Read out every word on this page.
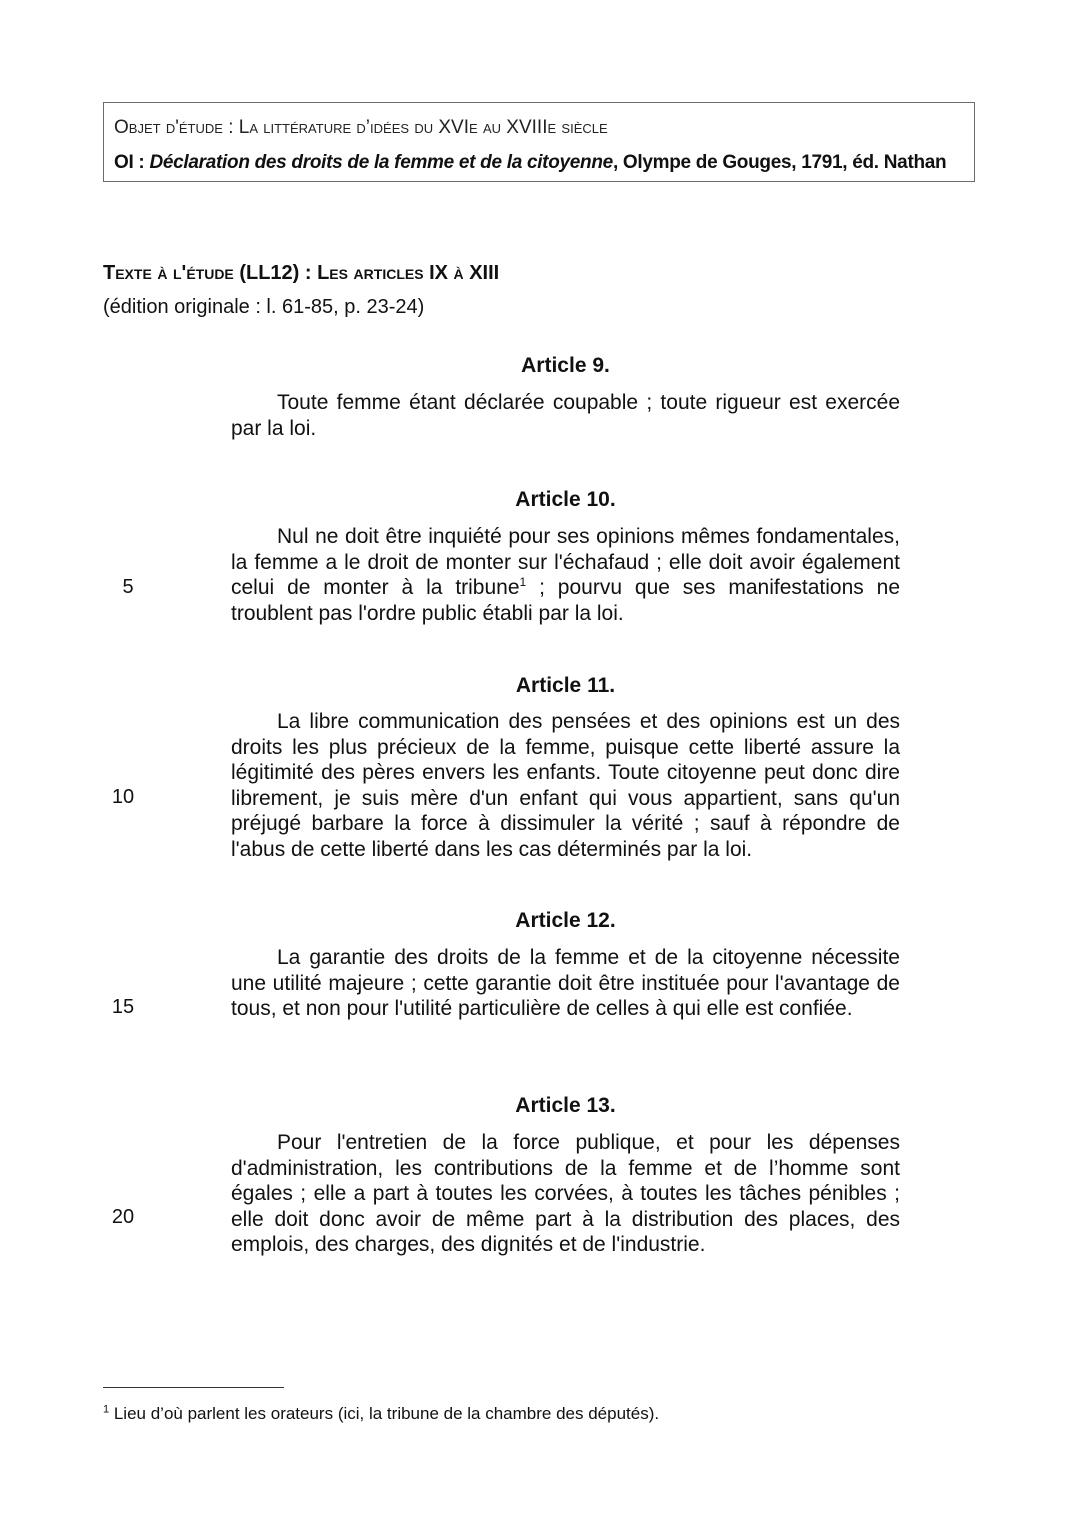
Objet d'étude : La littérature d’idées du XVIe au XVIIIe siècle
OI : Déclaration des droits de la femme et de la citoyenne, Olympe de Gouges, 1791, éd. Nathan
Texte à l'étude (LL12) : Les articles IX à XIII
(édition originale : l. 61-85, p. 23-24)
Article 9.
Toute femme étant déclarée coupable ; toute rigueur est exercée par la loi.
Article 10.
Nul ne doit être inquiété pour ses opinions mêmes fondamentales, la femme a le droit de monter sur l'échafaud ; elle doit avoir également celui de monter à la tribune$^1$ ; pourvu que ses manifestations ne troublent pas l'ordre public établi par la loi.
5
Article 11.
La libre communication des pensées et des opinions est un des droits les plus précieux de la femme, puisque cette liberté assure la légitimité des pères envers les enfants. Toute citoyenne peut donc dire librement, je suis mère d'un enfant qui vous appartient, sans qu'un préjugé barbare la force à dissimuler la vérité ; sauf à répondre de l'abus de cette liberté dans les cas déterminés par la loi.
10
Article 12.
La garantie des droits de la femme et de la citoyenne nécessite une utilité majeure ; cette garantie doit être instituée pour l'avantage de tous, et non pour l'utilité particulière de celles à qui elle est confiée.
15
Article 13.
Pour l'entretien de la force publique, et pour les dépenses d'administration, les contributions de la femme et de l’homme sont égales ; elle a part à toutes les corvées, à toutes les tâches pénibles ; elle doit donc avoir de même part à la distribution des places, des emplois, des charges, des dignités et de l'industrie.
20
$^1$ Lieu d’où parlent les orateurs (ici, la tribune de la chambre des députés).
